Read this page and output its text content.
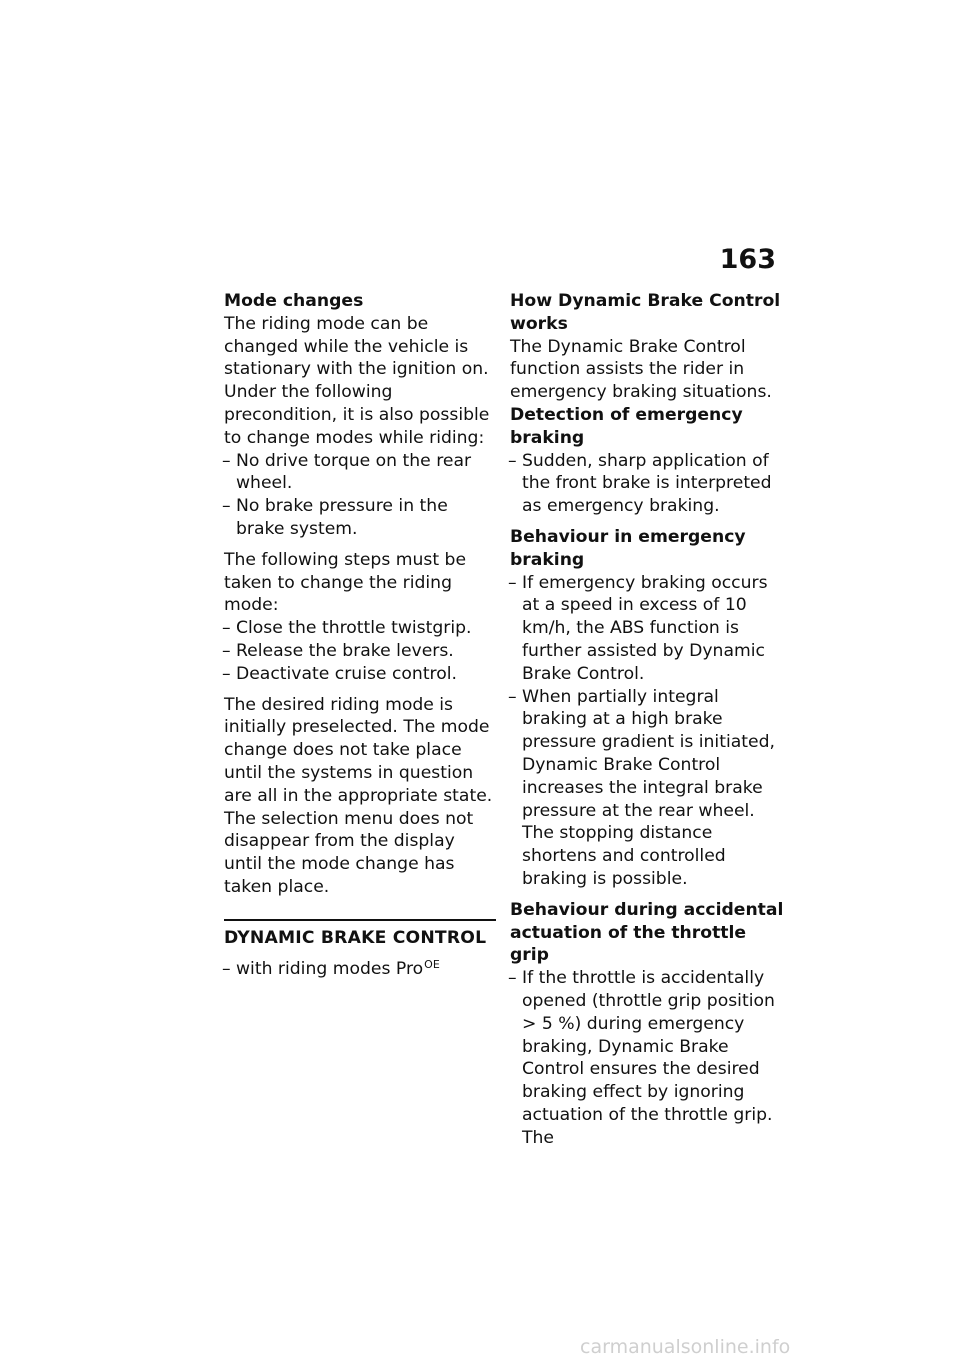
163

Mode changes

The riding mode can be changed while the vehicle is stationary with the ignition on. Under the following precondition, it is also possible to change modes while riding:

– No drive torque on the rear wheel.

– No brake pressure in the brake system.

The following steps must be taken to change the riding mode:

– Close the throttle twistgrip.

– Release the brake levers.

– Deactivate cruise control.

The desired riding mode is initially preselected. The mode change does not take place until the systems in question are all in the appropriate state.

The selection menu does not disappear from the display until the mode change has taken place.

DYNAMIC BRAKE CONTROL

– with riding modes Pro$^{OE}$

How Dynamic Brake Control works

The Dynamic Brake Control function assists the rider in emergency braking situations.

Detection of emergency braking

– Sudden, sharp application of the front brake is interpreted as emergency braking.

Behaviour in emergency braking

– If emergency braking occurs at a speed in excess of 10 km/h, the ABS function is further assisted by Dynamic Brake Control.

– When partially integral braking at a high brake pressure gradient is initiated, Dynamic Brake Control increases the integral brake pressure at the rear wheel. The stopping distance shortens and controlled braking is possible.

Behaviour during accidental actuation of the throttle grip

– If the throttle is accidentally opened (throttle grip position > 5 %) during emergency braking, Dynamic Brake Control ensures the desired braking effect by ignoring actuation of the throttle grip. The

carmanualsonline.info
